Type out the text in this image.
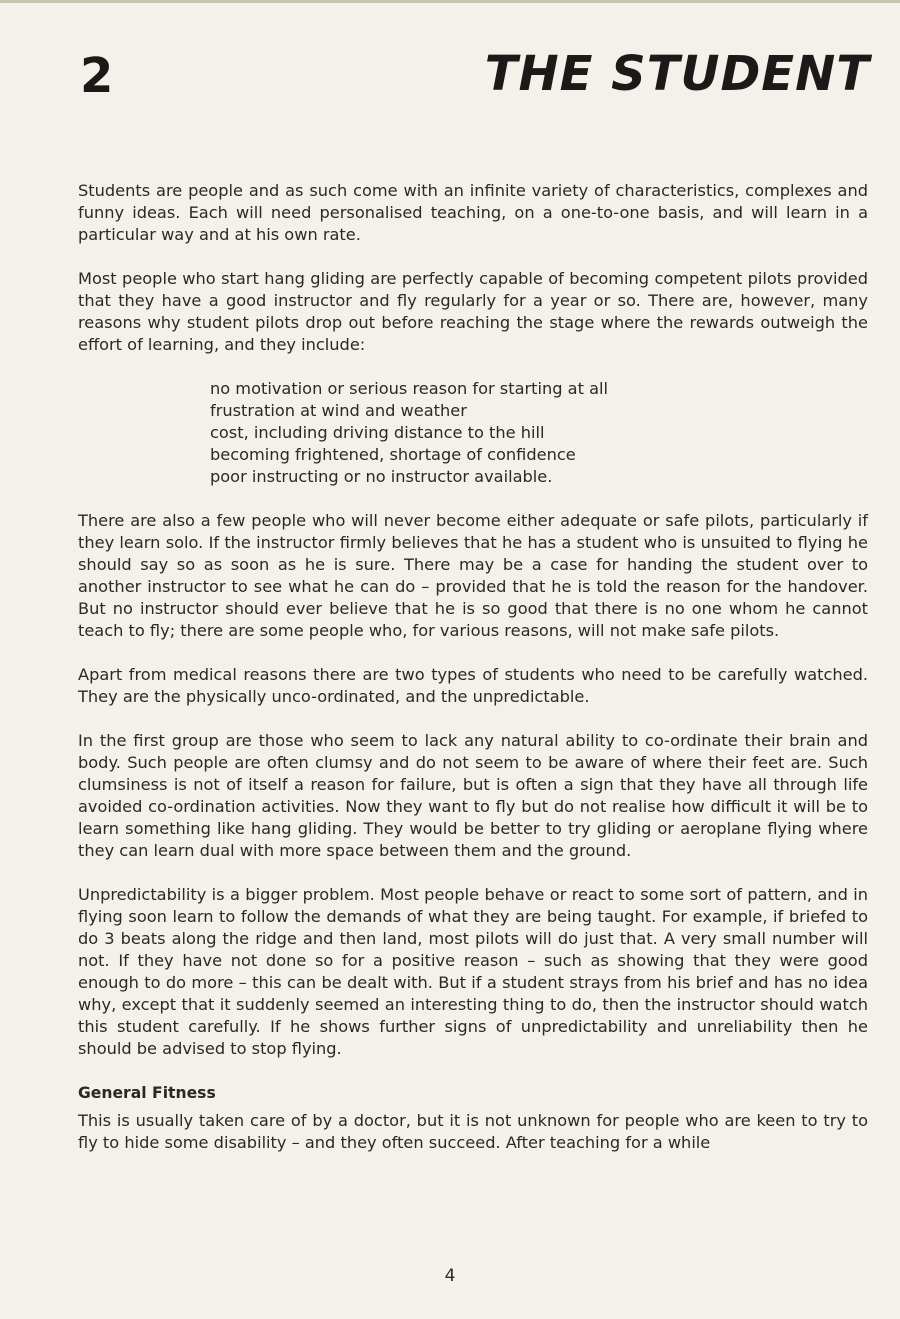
2	THE STUDENT

Students are people and as such come with an infinite variety of characteristics, complexes and funny ideas. Each will need personalised teaching, on a one-to-one basis, and will learn in a particular way and at his own rate.

Most people who start hang gliding are perfectly capable of becoming competent pilots provided that they have a good instructor and fly regularly for a year or so. There are, however, many reasons why student pilots drop out before reaching the stage where the rewards outweigh the effort of learning, and they include:

no motivation or serious reason for starting at all
frustration at wind and weather
cost, including driving distance to the hill
becoming frightened, shortage of confidence
poor instructing or no instructor available.

There are also a few people who will never become either adequate or safe pilots, particularly if they learn solo. If the instructor firmly believes that he has a student who is unsuited to flying he should say so as soon as he is sure. There may be a case for handing the student over to another instructor to see what he can do – provided that he is told the reason for the handover. But no instructor should ever believe that he is so good that there is no one whom he cannot teach to fly; there are some people who, for various reasons, will not make safe pilots.

Apart from medical reasons there are two types of students who need to be carefully watched. They are the physically unco-ordinated, and the unpredictable.

In the first group are those who seem to lack any natural ability to co-ordinate their brain and body. Such people are often clumsy and do not seem to be aware of where their feet are. Such clumsiness is not of itself a reason for failure, but is often a sign that they have all through life avoided co-ordination activities. Now they want to fly but do not realise how difficult it will be to learn something like hang gliding. They would be better to try gliding or aeroplane flying where they can learn dual with more space between them and the ground.

Unpredictability is a bigger problem. Most people behave or react to some sort of pattern, and in flying soon learn to follow the demands of what they are being taught. For example, if briefed to do 3 beats along the ridge and then land, most pilots will do just that. A very small number will not. If they have not done so for a positive reason – such as showing that they were good enough to do more – this can be dealt with. But if a student strays from his brief and has no idea why, except that it suddenly seemed an interesting thing to do, then the instructor should watch this student carefully. If he shows further signs of unpredictability and unreliability then he should be advised to stop flying.

General Fitness

This is usually taken care of by a doctor, but it is not unknown for people who are keen to try to fly to hide some disability – and they often succeed. After teaching for a while

4
